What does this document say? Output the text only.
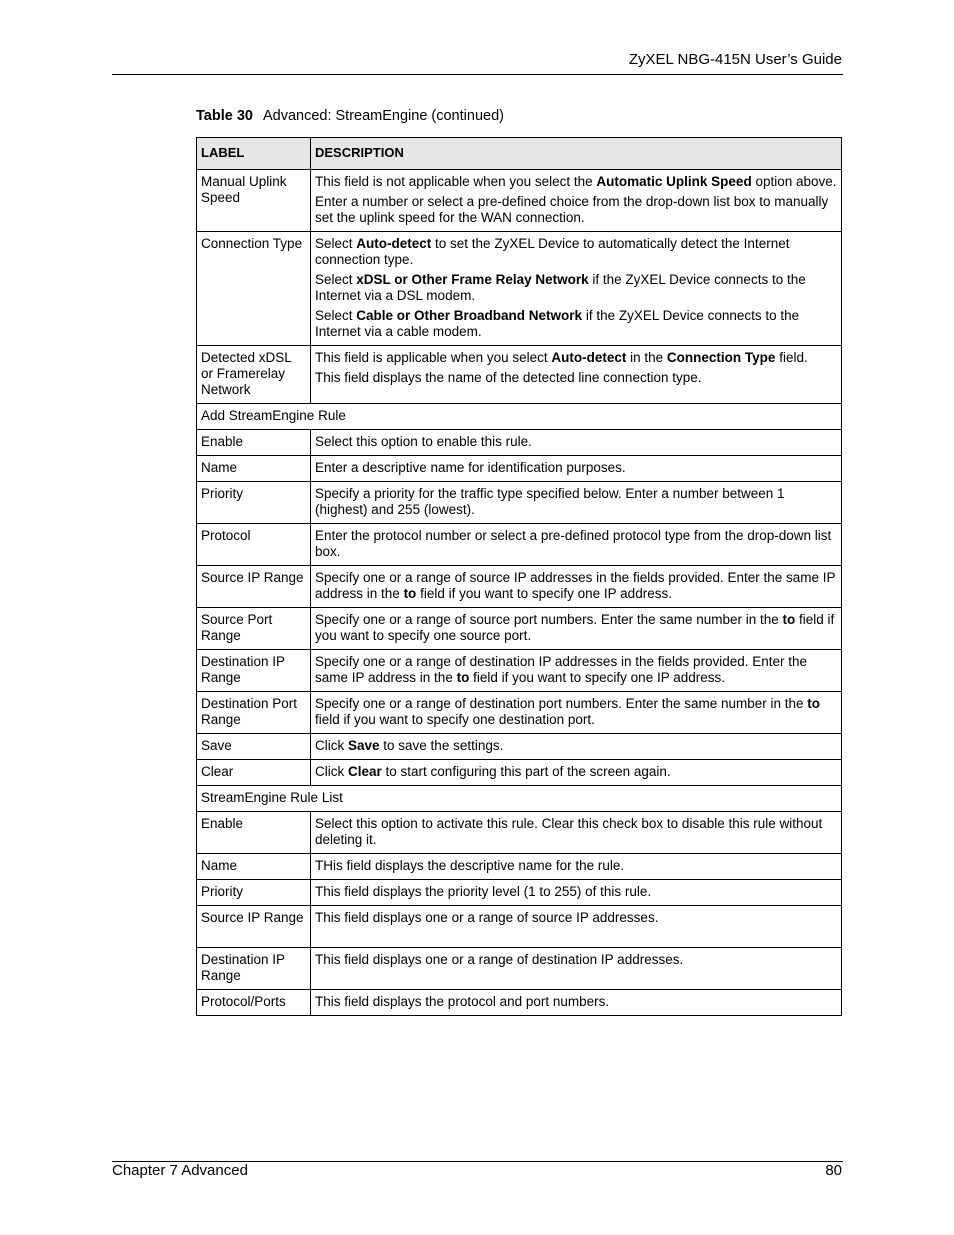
ZyXEL NBG-415N User’s Guide
Table 30 Advanced: StreamEngine (continued)
LABEL	DESCRIPTION
Manual Uplink Speed	This field is not applicable when you select the Automatic Uplink Speed option above.

Enter a number or select a pre-defined choice from the drop-down list box to manually set the uplink speed for the WAN connection.

Connection Type	Select Auto-detect to set the ZyXEL Device to automatically detect the Internet connection type.

Select xDSL or Other Frame Relay Network if the ZyXEL Device connects to the Internet via a DSL modem.

Select Cable or Other Broadband Network if the ZyXEL Device connects to the Internet via a cable modem.

Detected xDSL or Framerelay Network	This field is applicable when you select Auto-detect in the Connection Type field.

This field displays the name of the detected line connection type.

Add StreamEngine Rule	
Enable	Select this option to enable this rule.

Name	Enter a descriptive name for identification purposes.

Priority	Specify a priority for the traffic type specified below. Enter a number between 1 (highest) and 255 (lowest).

Protocol	Enter the protocol number or select a pre-defined protocol type from the drop-down list box.

Source IP Range	Specify one or a range of source IP addresses in the fields provided. Enter the same IP address in the to field if you want to specify one IP address.

Source Port Range	Specify one or a range of source port numbers. Enter the same number in the to field if you want to specify one source port.

Destination IP Range	Specify one or a range of destination IP addresses in the fields provided. Enter the same IP address in the to field if you want to specify one IP address.

Destination Port Range	Specify one or a range of destination port numbers. Enter the same number in the to field if you want to specify one destination port.

Save	Click Save to save the settings.

Clear	Click Clear to start configuring this part of the screen again.

StreamEngine Rule List	
Enable	Select this option to activate this rule. Clear this check box to disable this rule without deleting it.

Name	THis field displays the descriptive name for the rule.

Priority	This field displays the priority level (1 to 255) of this rule.

Source IP Range	This field displays one or a range of source IP addresses.

Destination IP Range	This field displays one or a range of destination IP addresses.

Protocol/Ports	This field displays the protocol and port numbers.

Chapter 7 Advanced	80
